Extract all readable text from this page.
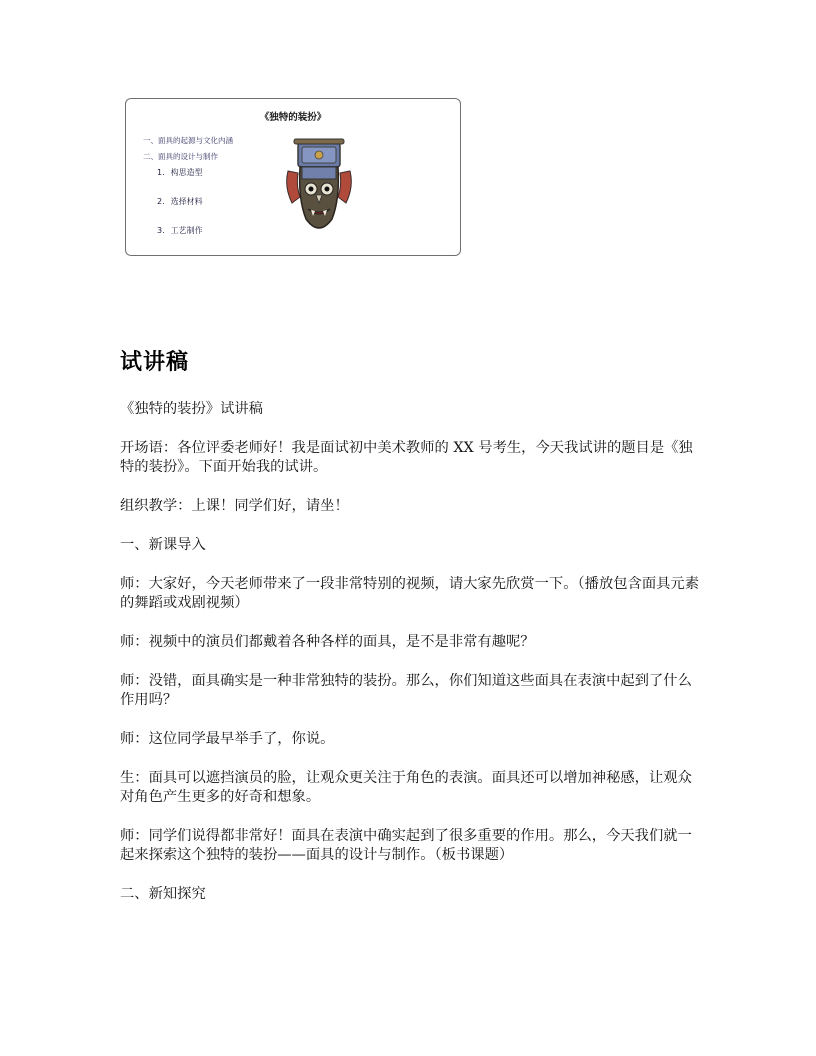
《独特的装扮》
一、面具的起源与文化内涵
二、面具的设计与制作
1. 构思造型
2. 选择材料
3. 工艺制作
试讲稿

《独特的装扮》试讲稿

开场语：各位评委老师好！我是面试初中美术教师的 XX 号考生，今天我试讲的题目是《独特的装扮》。下面开始我的试讲。

组织教学：上课！同学们好，请坐！

一、新课导入

师：大家好，今天老师带来了一段非常特别的视频，请大家先欣赏一下。（播放包含面具元素的舞蹈或戏剧视频）

师：视频中的演员们都戴着各种各样的面具，是不是非常有趣呢？

师：没错，面具确实是一种非常独特的装扮。那么，你们知道这些面具在表演中起到了什么作用吗？

师：这位同学最早举手了，你说。

生：面具可以遮挡演员的脸，让观众更关注于角色的表演。面具还可以增加神秘感，让观众对角色产生更多的好奇和想象。

师：同学们说得都非常好！面具在表演中确实起到了很多重要的作用。那么，今天我们就一起来探索这个独特的装扮——面具的设计与制作。（板书课题）

二、新知探究
